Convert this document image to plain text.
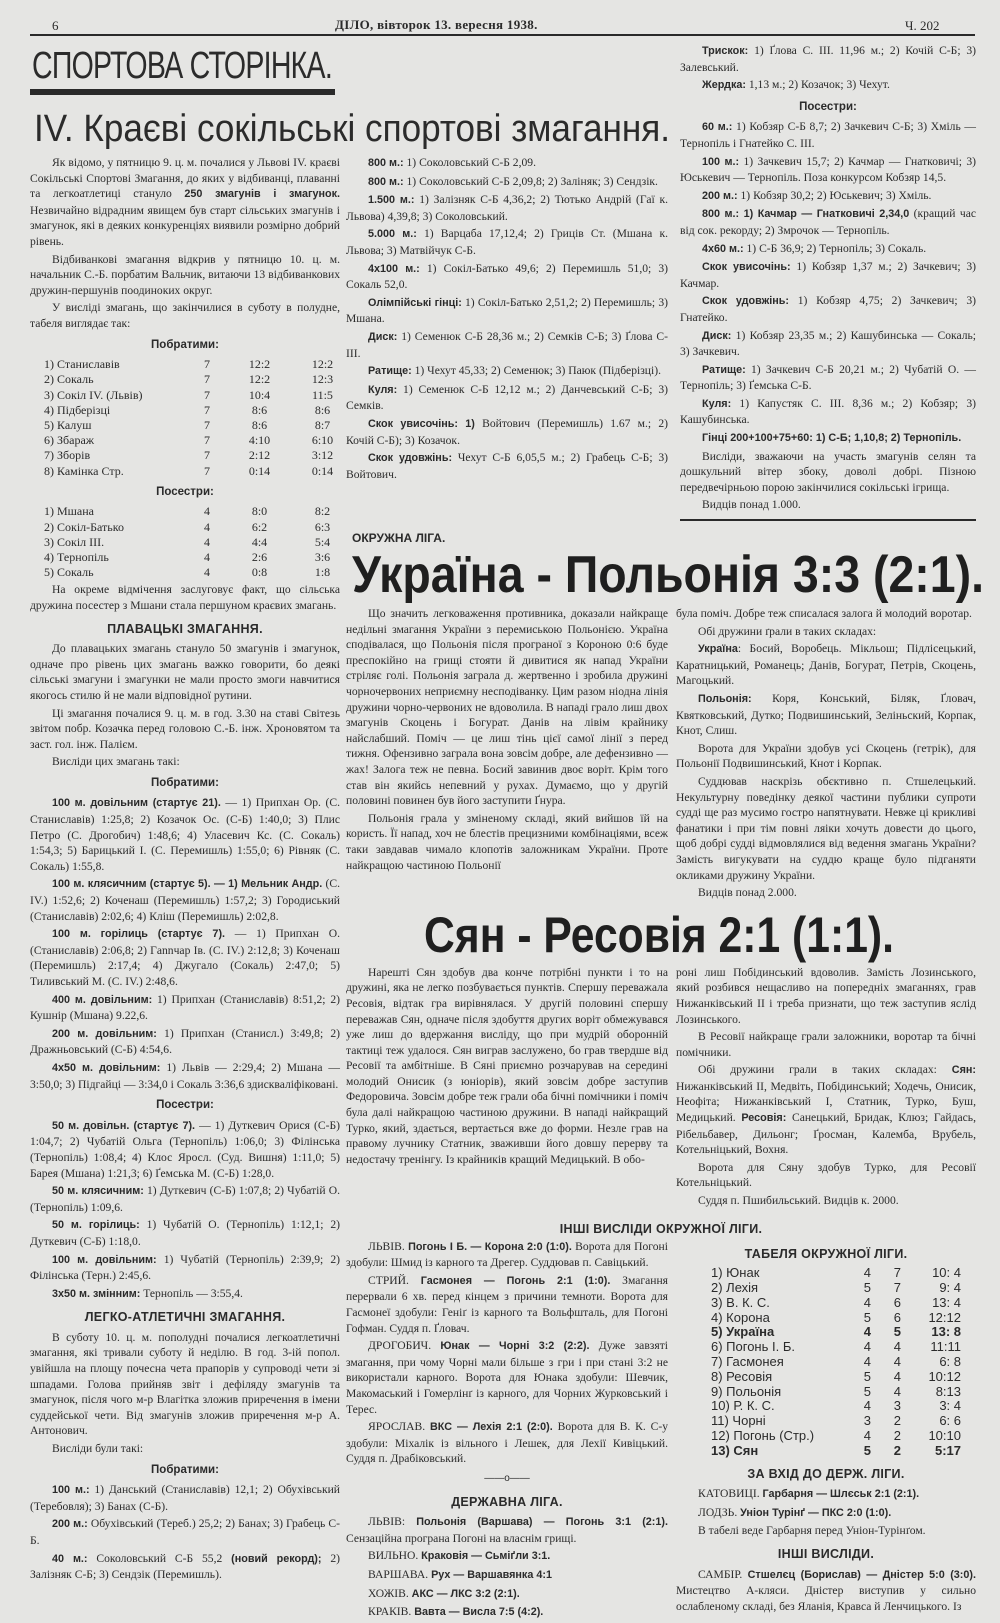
6	ДІЛО, вівторок 13. вересня 1938.	Ч. 202
СПОРТОВА СТОРІНКА.
IV. Краєві сокільські спортові змагання.

Як відомо, у пятницю 9. ц. м. почалися у Львові IV. краєві Сокільські Спортові Змагання, до яких у відбиванці, плаванні та легкоатлетиці стануло 250 змагунів і змагунок. Незвичайно відрадним явищем був старт сільських змагунів і змагунок, які в деяких конкуренціях виявили розмірно добрий рівень.

Відбиванкові змагання відкрив у пятницю 10. ц. м. начальник С.-Б. порбатим Вальчик, витаючи 13 відбиванкових дружин-першунів поодиноких округ.

У висліді змагань, що закінчилися в суботу в полудне, табеля виглядає так:

Побратими:
1) Станиславів	7	12:2	12:2
2) Сокаль	7	12:2	12:3
3) Сокіл IV. (Львів)	7	10:4	11:5
4) Підберізці	7	8:6	8:6
5) Калуш	7	8:6	8:7
6) Збараж	7	4:10	6:10
7) Зборів	7	2:12	3:12
8) Камінка Стр.	7	0:14	0:14
Посестри:
1) Мшана	4	8:0	8:2
2) Сокіл-Батько	4	6:2	6:3
3) Сокіл ІІІ.	4	4:4	5:4
4) Тернопіль	4	2:6	3:6
5) Сокаль	4	0:8	1:8

На окреме відмічення заслуговує факт, що сільська дружина посестер з Мшани стала першуном краєвих змагань.

ПЛАВАЦЬКІ ЗМАГАННЯ.

До плавацьких змагань стануло 50 змагунів і змагунок, одначе про рівень цих змагань важко говорити, бо деякі сільські змагуни і змагунки не мали просто змоги навчитися якогось стилю й не мали відповідної рутини.

Ці змагання почалися 9. ц. м. в год. 3.30 на ставі Світезь звітом побр. Козачка перед головою С.-Б. інж. Хроновятом та заст. гол. інж. Палієм.

Висліди цих змагань такі:

Побратими:

100 м. довільним (стартує 21). — 1) Припхан Ор. (С. Станиславів) 1:25,8; 2) Козачок Ос. (С-Б) 1:40,0; 3) Плис Петро (С. Дрогобич) 1:48,6; 4) Уласевич Кс. (С. Сокаль) 1:54,3; 5) Барицький І. (С. Перемишль) 1:55,0; 6) Рівняк (С. Сокаль) 1:55,8.

100 м. клясичним (стартує 5). — 1) Мельник Андр. (С. IV.) 1:52,6; 2) Коченаш (Перемишль) 1:57,2; 3) Городиський (Станиславів) 2:02,6; 4) Кліш (Перемишль) 2:02,8.

100 м. горілиць (стартує 7). — 1) Припхан О. (Станиславів) 2:06,8; 2) Гannчар Ів. (С. IV.) 2:12,8; 3) Коченаш (Перемишль) 2:17,4; 4) Джугало (Сокаль) 2:47,0; 5) Тиливський М. (С. IV.) 2:48,6.

400 м. довільним: 1) Припхан (Станиславів) 8:51,2; 2) Кушнір (Мшана) 9.22,6.

200 м. довільним: 1) Припхан (Станисл.) 3:49,8; 2) Дражньовський (С-Б) 4:54,6.

4x50 м. довільним: 1) Львів — 2:29,4; 2) Мшана — 3:50,0; 3) Підгайці — 3:34,0 і Сокаль 3:36,6 здискваліфіковані.

Посестри:

50 м. довільн. (стартує 7). — 1) Дуткевич Орися (С-Б) 1:04,7; 2) Чубатій Ольга (Тернопіль) 1:06,0; 3) Філінська (Тернопіль) 1:08,4; 4) Клос Яросл. (Суд. Вишня) 1:11,0; 5) Барея (Мшана) 1:21,3; 6) Ґемська М. (С-Б) 1:28,0.

50 м. клясичним: 1) Дуткевич (С-Б) 1:07,8; 2) Чубатій О. (Тернопіль) 1:09,6.

50 м. горілиць: 1) Чубатій О. (Тернопіль) 1:12,1; 2) Дуткевич (С-Б) 1:18,0.

100 м. довільним: 1) Чубатій (Тернопіль) 2:39,9; 2) Філінська (Терн.) 2:45,6.

3x50 м. змінним: Тернопіль — 3:55,4.

ЛЕГКО-АТЛЕТИЧНІ ЗМАГАННЯ.

В суботу 10. ц. м. пополудні почалися легкоатлетичні змагання, які тривали суботу й неділю. В год. 3-ій попол. увійшла на площу почесна чета прапорів у супроводі чети зі шпадами. Голова прийняв звіт і дефіляду змагунів та змагунок, після чого м-р Влагітка зложив приречення в імени суддейської чети. Від змагунів зложив приречення м-р А. Антонович.

Висліди були такі:

Побратими:

100 м.: 1) Данський (Станиславів) 12,1; 2) Обухівський (Теребовля); 3) Банах (С-Б).

200 м.: Обухівський (Тереб.) 25,2; 2) Банах; 3) Грабець С-Б.

40 м.: Соколовський С-Б 55,2 (новий рекорд); 2) Залізняк С-Б; 3) Сендзік (Перемишль).

800 м.: 1) Соколовський С-Б 2,09.

800 м.: 1) Соколовський С-Б 2,09,8; 2) Заліняк; 3) Сендзік.

1.500 м.: 1) Залізняк С-Б 4,36,2; 2) Тютько Андрій (Гаї к. Львова) 4,39,8; 3) Соколовський.

5.000 м.: 1) Варцаба 17,12,4; 2) Гриців Ст. (Мшана к. Львова; 3) Матвійчук С-Б.

4x100 м.: 1) Сокіл-Батько 49,6; 2) Перемишль 51,0; 3) Сокаль 52,0.

Олімпійські гінці: 1) Сокіл-Батько 2,51,2; 2) Перемишль; 3) Мшана.

Диск: 1) Семенюк С-Б 28,36 м.; 2) Семків С-Б; 3) Ґлова С-ІІІ.

Ратище: 1) Чехут 45,33; 2) Семенюк; 3) Паюк (Підберізці).

Куля: 1) Семенюк С-Б 12,12 м.; 2) Данчевський С-Б; 3) Семків.

Скок увисочінь: 1) Войтович (Перемишль) 1.67 м.; 2) Кочій С-Б); 3) Козачок.

Скок удовжінь: Чехут С-Б 6,05,5 м.; 2) Грабець С-Б; 3) Войтович.

Трискок: 1) Ґлова С. ІІІ. 11,96 м.; 2) Кочій С-Б; 3) Залевський.

Жердка: 1,13 м.; 2) Козачок; 3) Чехут.

Посестри:

60 м.: 1) Кобзяр С-Б 8,7; 2) Зачкевич С-Б; 3) Хміль — Тернопіль і Гнатейко С. ІІІ.

100 м.: 1) Зачкевич 15,7; 2) Качмар — Гнатковичі; 3) Юськевич — Тернопіль. Поза конкурсом Кобзяр 14,5.

200 м.: 1) Кобзяр 30,2; 2) Юськевич; 3) Хміль.

800 м.: 1) Качмар — Гнатковичі 2,34,0 (кращий час від сок. рекорду; 2) Змрочок — Тернопіль.

4x60 м.: 1) С-Б 36,9; 2) Тернопіль; 3) Сокаль.

Скок увисочінь: 1) Кобзяр 1,37 м.; 2) Зачкевич; 3) Качмар.

Скок удовжінь: 1) Кобзяр 4,75; 2) Зачкевич; 3) Гнатейко.

Диск: 1) Кобзяр 23,35 м.; 2) Кашубинська — Сокаль; 3) Зачкевич.

Ратище: 1) Зачкевич С-Б 20,21 м.; 2) Чубатій О. — Тернопіль; 3) Ґемська С-Б.

Куля: 1) Капустяк С. ІІІ. 8,36 м.; 2) Кобзяр; 3) Кашубинська.

Гінці 200+100+75+60: 1) С-Б; 1,10,8; 2) Тернопіль.

Висліди, зважаючи на участь змагунів селян та дошкульний вітер збоку, доволі добрі. Пізною передвечірньою порою закінчилися сокільські ігрища.

Видців понад 1.000.

ОКРУЖНА ЛІГА.
Україна - Польонія 3:3 (2:1).

Що значить легковаження противника, доказали найкраще недільні змагання України з перемиською Польонією. Україна сподівалася, що Польонія після програної з Короною 0:6 буде преспокійно на грищі стояти й дивитися як напад України стріляє голі. Польонія заграла д. жертвенно і зробила дружині чорночервоних неприємну несподіванку. Цим разом ніодна лінія дружини чорно-червоних не вдоволила. В нападі грало лиш двох змагунів Скоцень і Богурат. Данів на лівім крайнику найслабший. Поміч — це лиш тінь цієї самої лінії з перед тижня. Офензивно заграла вона зовсім добре, але дефензивно — жах! Залога теж не певна. Босий завинив двоє воріт. Крім того став він якийсь непевний у рухах. Думаємо, що у другій половині повинен був його заступити Ґнура.

Польонія грала у зміненому складі, який вийшов їй на користь. Її напад, хоч не блестів прецизними комбінаціями, всеж таки завдавав чимало клопотів заложникам України. Проте найкращою частиною Польонії

була поміч. Добре теж списалася залога й молодий воротар.

Обі дружини ґрали в таких складах:

Україна: Босий, Воробець. Мікльош; Підлісецький, Каратницький, Романець; Данів, Богурат, Петрів, Скоцень, Магоцький.

Польонія: Коря, Конський, Біляк, Ґловач, Квятковський, Дутко; Подвишинський, Зеліньский, Корпак, Кнот, Слиш.

Ворота для України здобув усі Скоцень (гетрік), для Польонії Подвишинський, Кнот і Корпак.

Суддював наскрізь обєктивно п. Стшелецький. Некультурну поведінку деякої частини публики супроти судді ще раз мусимо гостро напятнувати. Невже ці крикливі фанатики і при тім повні ляіки хочуть довести до цього, щоб добрі судді відмовлялися від ведення змагань України? Замість вигукувати на суддю краще було підганяти окликами дружину України.

Видців понад 2.000.

Сян - Ресовія 2:1 (1:1).

Нарешті Сян здобув два конче потрібні пункти і то на дружині, яка не легко позбувається пунктів. Спершу переважала Ресовія, відтак гра вирівнялася. У другій половині спершу переважав Сян, одначе після здобуття других воріт обмежувався уже лиш до вдержання висліду, що при мудрій оборонній тактиці теж удалося. Сян виграв заслужено, бо грав твердше від Ресовії та амбітніше. В Сяні приємно розчарував на середині молодий Онисик (з юніорів), який зовсім добре заступив Федоровича. Зовсім добре теж грали оба бічні помічники і поміч була далі найкращою частиною дружини. В нападі найкращий Турко, який, здається, вертається вже до форми. Незле грав на правому лучнику Статник, зваживши його довшу перерву та недостачу тренінгу. Із крайників кращий Медицький. В обо-

роні лиш Побідинський вдоволив. Замість Лозинського, який розбився нещасливо на попередніх змаганнях, грав Нижанківський ІІ і треба признати, що теж заступив яслід Лозинського.

В Ресовії найкраще грали заложники, воротар та бічні помічники.

Обі дружини грали в таких складах: Сян: Нижанківський ІІ, Медвіть, Побідинський; Ходечь, Онисик, Неофіта; Нижанківський І, Статник, Турко, Буш, Медицький. Ресовія: Санецький, Бридак, Клюз; Гайдась, Рібельбавер, Дильонг; Ґросман, Калемба, Врубель, Котельніцький, Вохня.

Ворота для Сяну здобув Турко, для Ресовії Котельніцький.

Суддя п. Пшибильський. Видців к. 2000.

ІНШІ ВИСЛІДИ ОКРУЖНОЇ ЛІГИ.

ЛЬВІВ. Погонь І Б. — Корона 2:0 (1:0). Ворота для Погоні здобули: Шмид із карного та Дрегер. Суддював п. Савіцький.

СТРИЙ. Гасмонея — Погонь 2:1 (1:0). Змагання перервали 6 хв. перед кінцем з причини темноти. Ворота для Гасмонеї здобули: Геніґ із карного та Вольфшталь, для Погоні Гофман. Суддя п. Ґловач.

ДРОГОБИЧ. Юнак — Чорні 3:2 (2:2). Дуже завзяті змагання, при чому Чорні мали більше з гри і при стані 3:2 не використали карного. Ворота для Юнака здобули: Шевчик, Макомаський і Гомерлінґ із карного, для Чорних Журковський і Терес.

ЯРОСЛАВ. ВКС — Лехія 2:1 (2:0). Ворота для В. К. С-у здобули: Міхалік із вільного і Лешек, для Лехії Кивіцький. Суддя п. Драбіковський.

——o——
ДЕРЖАВНА ЛІГА.

ЛЬВІВ: Польонія (Варшава) — Погонь 3:1 (2:1). Сензаційна програна Погоні на власнім грищі.

ВИЛЬНО. Краковія — Сьміґли 3:1.

ВАРШАВА. Рух — Варшавянка 4:1

ХОЖІВ. АКС — ЛКС 3:2 (2:1).

КРАКІВ. Вавта — Висла 7:5 (4:2).

ТАБЕЛЯ ОКРУЖНОЇ ЛІГИ.
1) Юнак	4	7	10: 4
2) Лехія	5	7	9: 4
3) В. К. С.	4	6	13: 4
4) Корона	5	6	12:12
5) Україна	4	5	13: 8
6) Погонь І. Б.	4	4	11:11
7) Гасмонея	4	4	6: 8
8) Ресовія	5	4	10:12
9) Польонія	5	4	8:13
10) Р. К. С.	4	3	3: 4
11) Чорні	3	2	6: 6
12) Погонь (Стр.)	4	2	10:10
13) Сян	5	2	5:17
ЗА ВХІД ДО ДЕРЖ. ЛІГИ.

КАТОВИЦІ. Гарбарня — Шлєськ 2:1 (2:1).

ЛОДЗЬ. Уніон Турінґ — ПКС 2:0 (1:0).

В табелі веде Гарбарня перед Уніон-Турінґом.

ІНШІ ВИСЛІДИ.

САМБІР. Стшелєц (Борислав) — Дністер 5:0 (3:0). Мистецтво А-кляси. Дністер виступив у сильно ослабленому складі, без Яланія, Кравса й Ленчицького. Із
